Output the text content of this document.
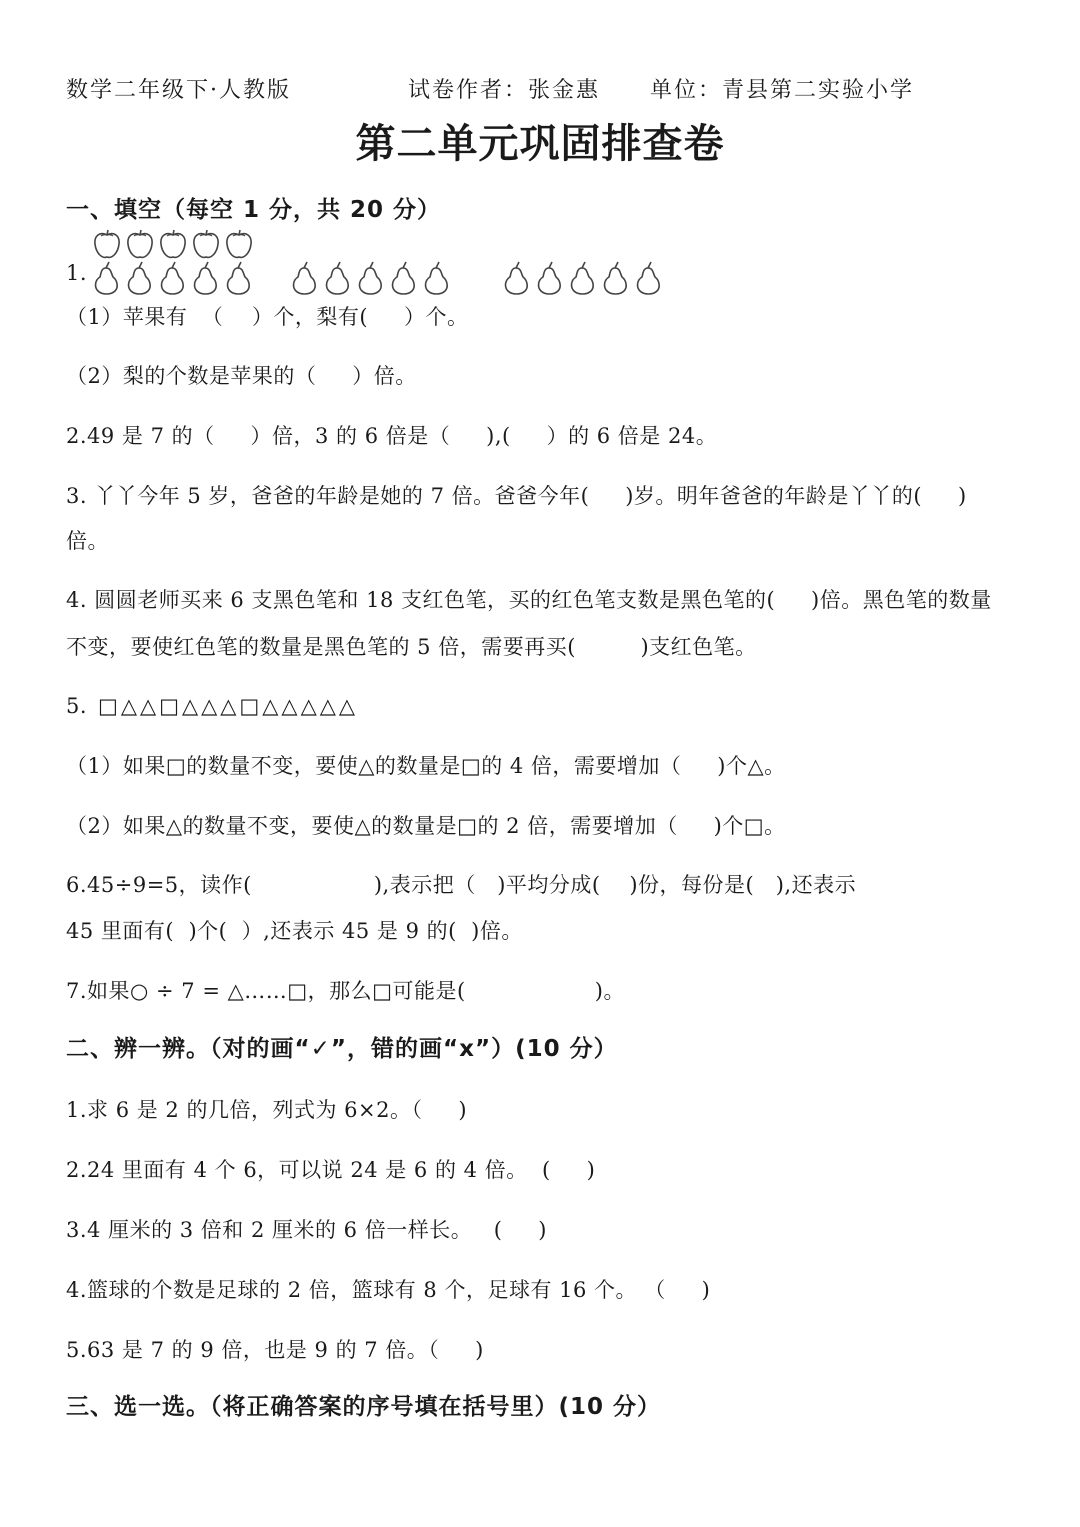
数学二年级下·人教版	试卷作者：张金惠 单位：青县第二实验小学
第二单元巩固排查卷
一、填空（每空 1 分，共 20 分）
1.
（1）苹果有  （    ）个，梨有(     ）个。
（2）梨的个数是苹果的（     ）倍。
2.49 是 7 的（     ）倍，3 的 6 倍是（     ),(     ）的 6 倍是 24。
3. 丫丫今年 5 岁，爸爸的年龄是她的 7 倍。爸爸今年(     )岁。明年爸爸的年龄是丫丫的(     )
倍。
4. 圆圆老师买来 6 支黑色笔和 18 支红色笔，买的红色笔支数是黑色笔的(     )倍。黑色笔的数量
不变，要使红色笔的数量是黑色笔的 5 倍，需要再买(         )支红色笔。
5. □△△□△△△□△△△△△
（1）如果□的数量不变，要使△的数量是□的 4 倍，需要增加（     )个△。
（2）如果△的数量不变，要使△的数量是□的 2 倍，需要增加（     )个□。
6.45÷9=5，读作(                 ),表示把（   )平均分成(    )份，每份是(   ),还表示
45 里面有(  )个(  ）,还表示 45 是 9 的(  )倍。
7.如果○ ÷ 7 = △……□，那么□可能是(                  )。
二、辨一辨。（对的画“✓”，错的画“x”）(10 分）
1.求 6 是 2 的几倍，列式为 6×2。（     )
2.24 里面有 4 个 6，可以说 24 是 6 的 4 倍。  (     )
3.4 厘米的 3 倍和 2 厘米的 6 倍一样长。   (     )
4.篮球的个数是足球的 2 倍，篮球有 8 个，足球有 16 个。 （     )
5.63 是 7 的 9 倍，也是 9 的 7 倍。（     )
三、选一选。（将正确答案的序号填在括号里）(10 分）
